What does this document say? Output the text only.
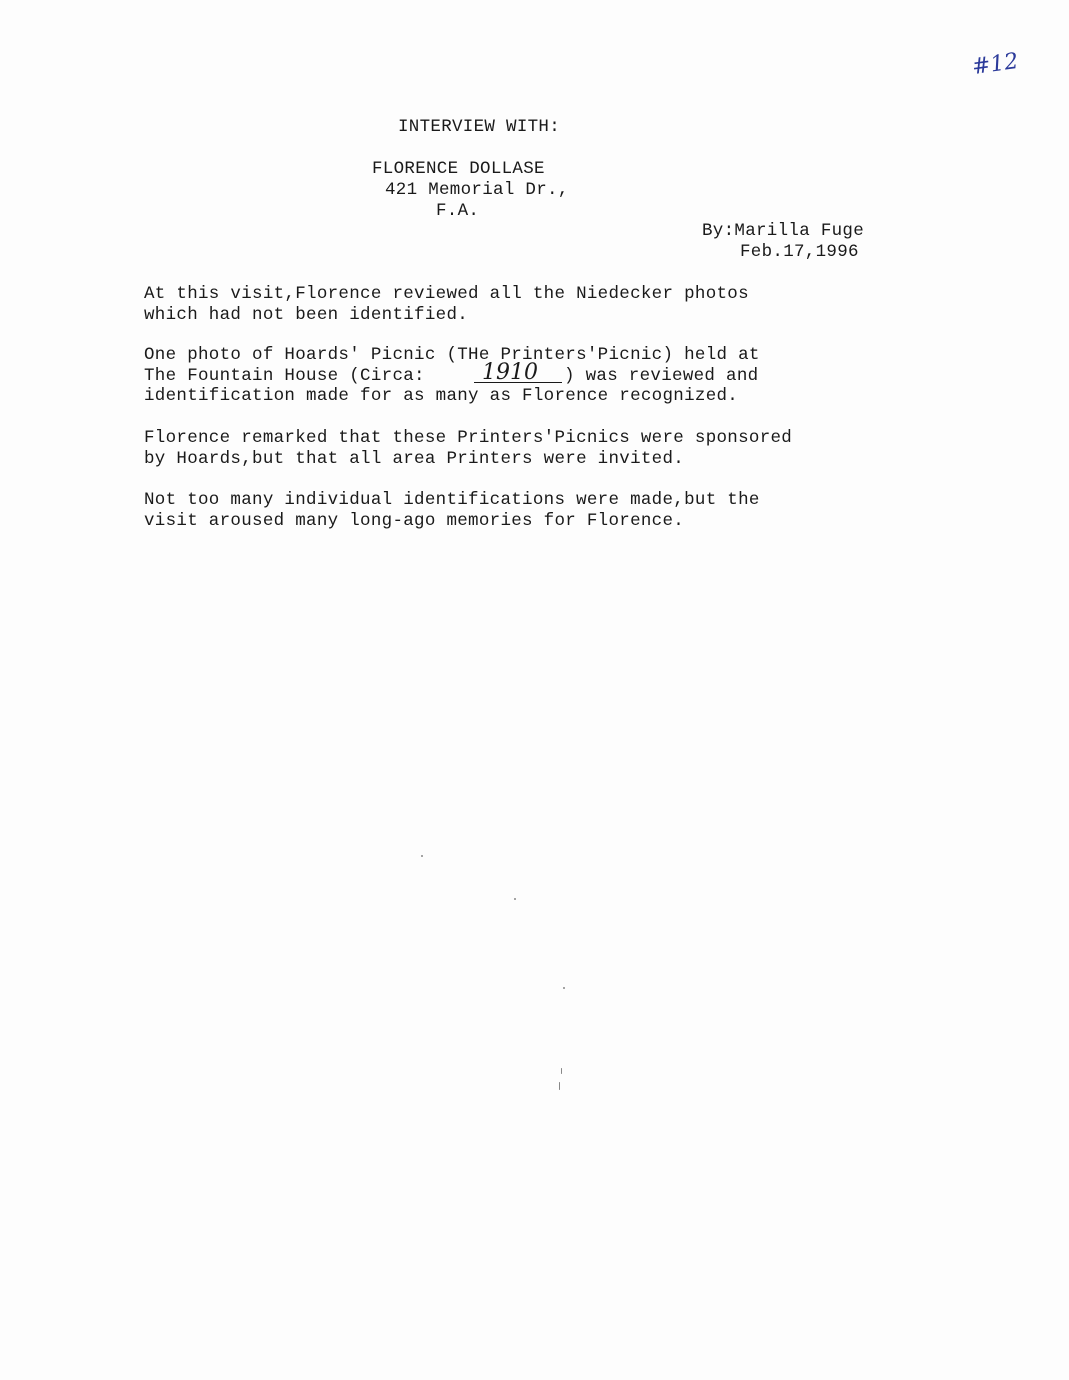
#12
INTERVIEW WITH:
FLORENCE DOLLASE
421 Memorial Dr.,
F.A.
By:Marilla Fuge
Feb.17,1996
At this visit,Florence reviewed all the Niedecker photos
which had not been identified.
One photo of Hoards' Picnic (THe Printers'Picnic) held at
The Fountain House (Circa:	1910 ) was reviewed and
identification made for as many as Florence recognized.
Florence remarked that these Printers'Picnics were sponsored
by Hoards,but that all area Printers were invited.
Not too many individual identifications were made,but the
visit aroused many long-ago memories for Florence.
